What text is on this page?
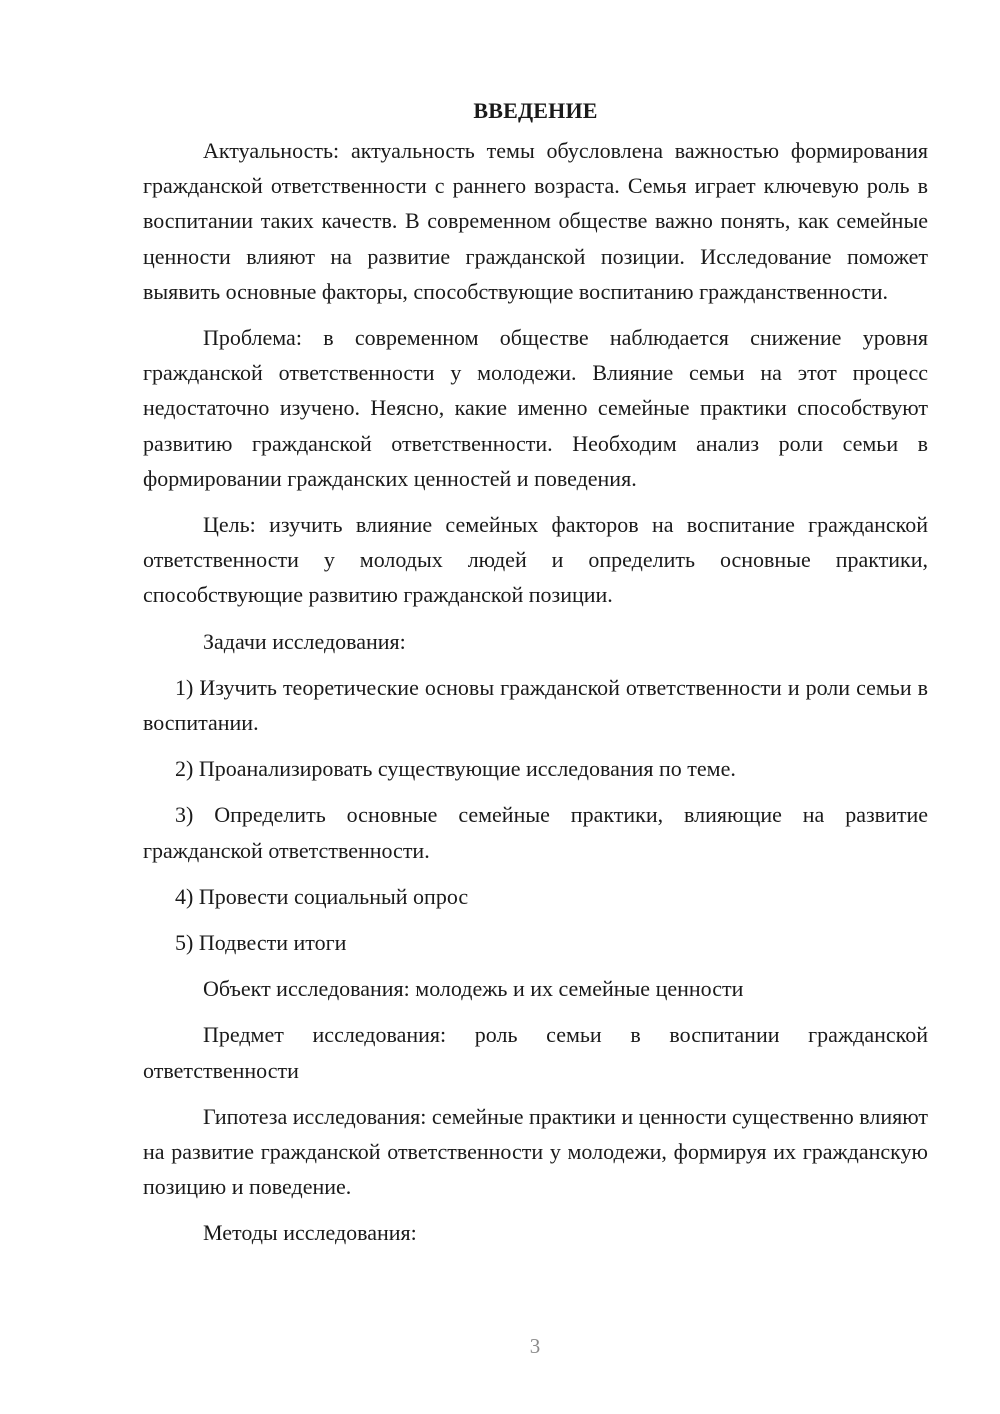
ВВЕДЕНИЕ

Актуальность: актуальность темы обусловлена важностью формирования гражданской ответственности с раннего возраста. Семья играет ключевую роль в воспитании таких качеств. В современном обществе важно понять, как семейные ценности влияют на развитие гражданской позиции. Исследование поможет выявить основные факторы, способствующие воспитанию гражданственности.

Проблема: в современном обществе наблюдается снижение уровня гражданской ответственности у молодежи. Влияние семьи на этот процесс недостаточно изучено. Неясно, какие именно семейные практики способствуют развитию гражданской ответственности. Необходим анализ роли семьи в формировании гражданских ценностей и поведения.

Цель: изучить влияние семейных факторов на воспитание гражданской ответственности у молодых людей и определить основные практики, способствующие развитию гражданской позиции.

Задачи исследования:

1) Изучить теоретические основы гражданской ответственности и роли семьи в воспитании.

2) Проанализировать существующие исследования по теме.

3) Определить основные семейные практики, влияющие на развитие гражданской ответственности.

4) Провести социальный опрос

5) Подвести итоги

Объект исследования: молодежь и их семейные ценности

Предмет исследования: роль семьи в воспитании гражданской ответственности

Гипотеза исследования: семейные практики и ценности существенно влияют на развитие гражданской ответственности у молодежи, формируя их гражданскую позицию и поведение.

Методы исследования:

3
